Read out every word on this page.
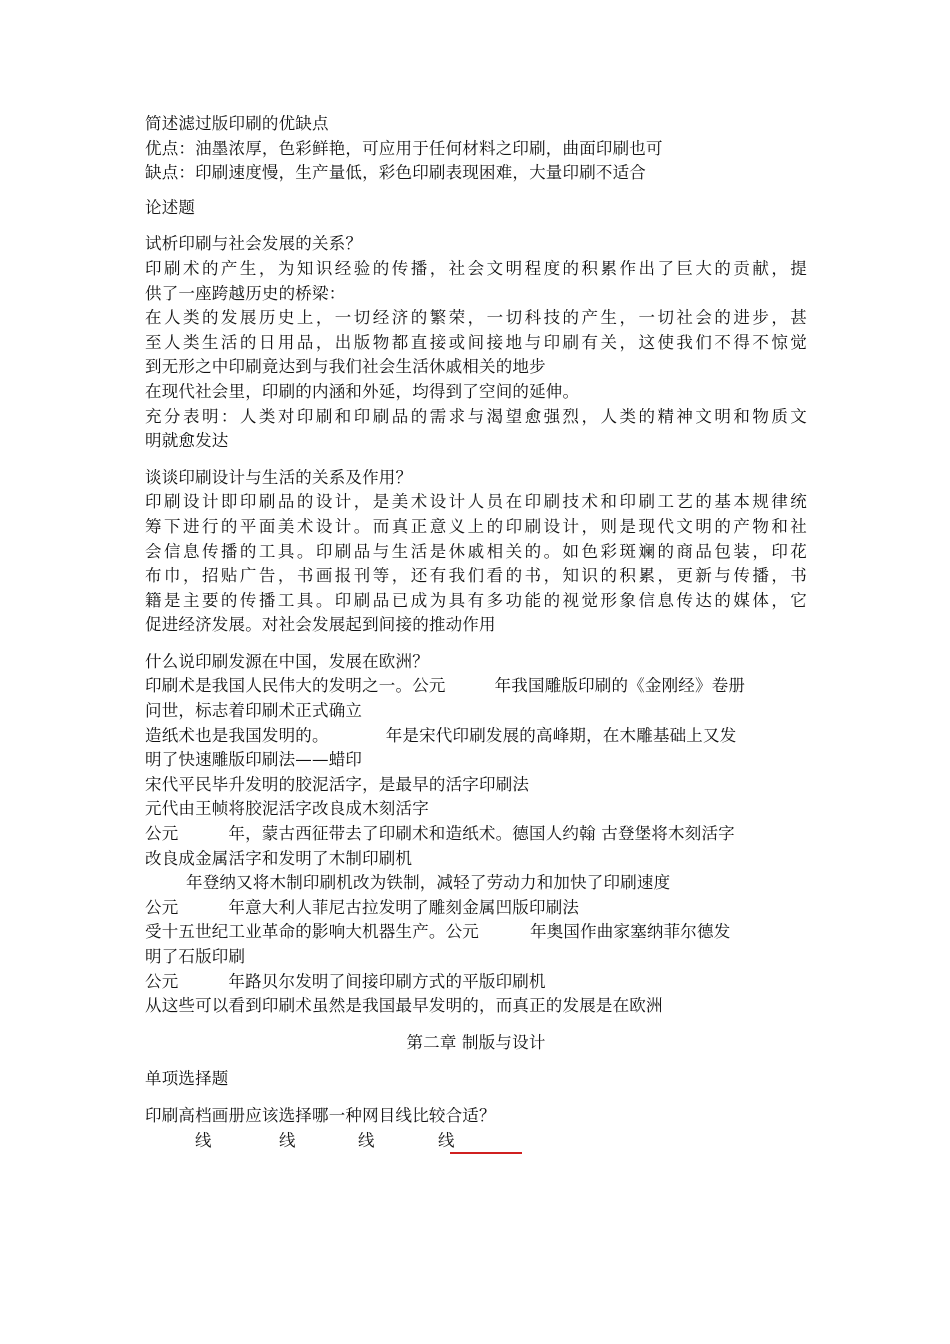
简述滤过版印刷的优缺点
优点：油墨浓厚，色彩鲜艳，可应用于任何材料之印刷，曲面印刷也可
缺点：印刷速度慢，生产量低，彩色印刷表现困难，大量印刷不适合
论述题
试析印刷与社会发展的关系？
印刷术的产生，为知识经验的传播，社会文明程度的积累作出了巨大的贡献，提
供了一座跨越历史的桥梁：
在人类的发展历史上，一切经济的繁荣，一切科技的产生，一切社会的进步，甚
至人类生活的日用品，出版物都直接或间接地与印刷有关，这使我们不得不惊觉
到无形之中印刷竟达到与我们社会生活休戚相关的地步
在现代社会里，印刷的内涵和外延，均得到了空间的延伸。
充分表明：人类对印刷和印刷品的需求与渴望愈强烈，人类的精神文明和物质文
明就愈发达
谈谈印刷设计与生活的关系及作用？
印刷设计即印刷品的设计，是美术设计人员在印刷技术和印刷工艺的基本规律统
筹下进行的平面美术设计。而真正意义上的印刷设计，则是现代文明的产物和社
会信息传播的工具。印刷品与生活是休戚相关的。如色彩斑斓的商品包装，印花
布巾，招贴广告，书画报刊等，还有我们看的书，知识的积累，更新与传播，书
籍是主要的传播工具。印刷品已成为具有多功能的视觉形象信息传达的媒体，它
促进经济发展。对社会发展起到间接的推动作用
什么说印刷发源在中国，发展在欧洲？
印刷术是我国人民伟大的发明之一。公元	年我国雕版印刷的《金刚经》卷册
问世，标志着印刷术正式确立
造纸术也是我国发明的。	年是宋代印刷发展的高峰期，在木雕基础上又发
明了快速雕版印刷法——蜡印
宋代平民毕升发明的胶泥活字，是最早的活字印刷法
元代由王帧将胶泥活字改良成木刻活字
公元	年，蒙古西征带去了印刷术和造纸术。德国人约翰 古登堡将木刻活字
改良成金属活字和发明了木制印刷机
年登纳又将木制印刷机改为铁制，减轻了劳动力和加快了印刷速度
公元	年意大利人菲尼古拉发明了雕刻金属凹版印刷法
受十五世纪工业革命的影响大机器生产。公元	年奥国作曲家塞纳菲尔德发
明了石版印刷
公元	年路贝尔发明了间接印刷方式的平版印刷机
从这些可以看到印刷术虽然是我国最早发明的，而真正的发展是在欧洲
第二章 制版与设计
单项选择题
印刷高档画册应该选择哪一种网目线比较合适？
线	线	线	线
